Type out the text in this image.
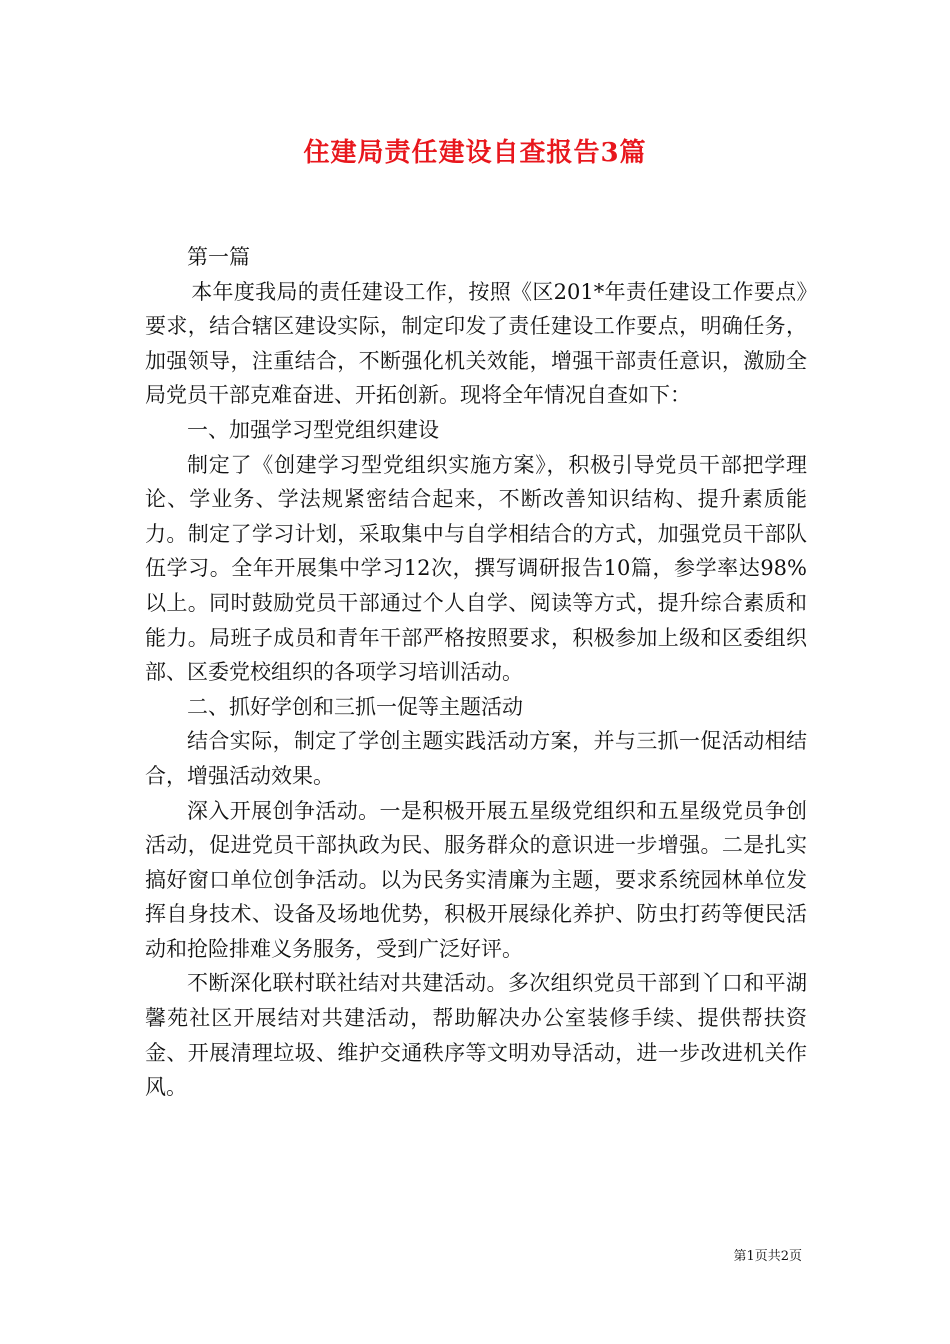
住建局责任建设自查报告3篇

第一篇

本年度我局的责任建设工作，按照《区201*年责任建设工作要点》要求，结合辖区建设实际，制定印发了责任建设工作要点，明确任务，加强领导，注重结合，不断强化机关效能，增强干部责任意识，激励全局党员干部克难奋进、开拓创新。现将全年情况自查如下：

一、加强学习型党组织建设

制定了《创建学习型党组织实施方案》，积极引导党员干部把学理论、学业务、学法规紧密结合起来，不断改善知识结构、提升素质能力。制定了学习计划，采取集中与自学相结合的方式，加强党员干部队伍学习。全年开展集中学习12次，撰写调研报告10篇，参学率达98%以上。同时鼓励党员干部通过个人自学、阅读等方式，提升综合素质和能力。局班子成员和青年干部严格按照要求，积极参加上级和区委组织部、区委党校组织的各项学习培训活动。

二、抓好学创和三抓一促等主题活动

结合实际，制定了学创主题实践活动方案，并与三抓一促活动相结合，增强活动效果。

深入开展创争活动。一是积极开展五星级党组织和五星级党员争创活动，促进党员干部执政为民、服务群众的意识进一步增强。二是扎实搞好窗口单位创争活动。以为民务实清廉为主题，要求系统园林单位发挥自身技术、设备及场地优势，积极开展绿化养护、防虫打药等便民活动和抢险排难义务服务，受到广泛好评。

不断深化联村联社结对共建活动。多次组织党员干部到丫口和平湖馨苑社区开展结对共建活动，帮助解决办公室装修手续、提供帮扶资金、开展清理垃圾、维护交通秩序等文明劝导活动，进一步改进机关作风。

第1页共2页
